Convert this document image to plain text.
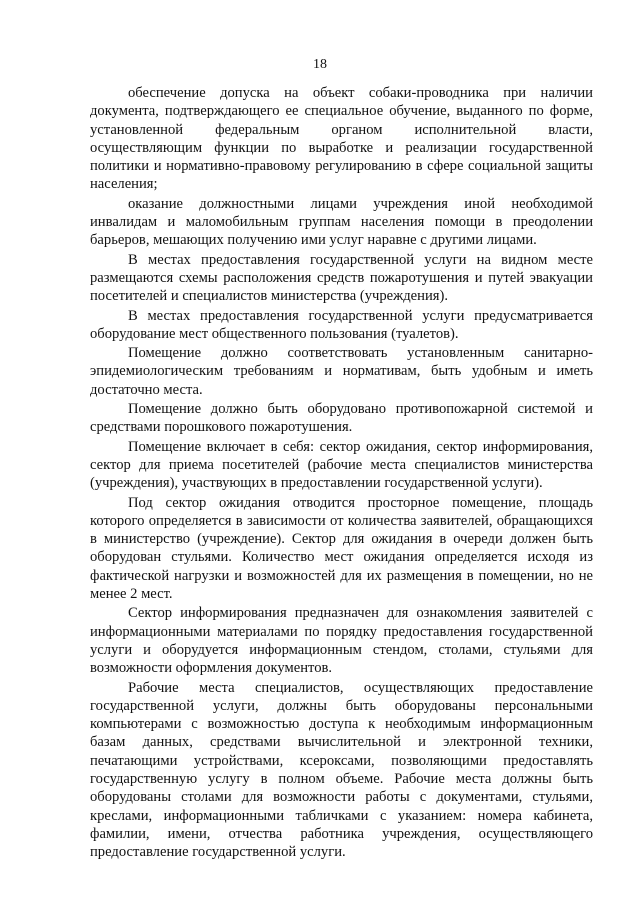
18

обеспечение допуска на объект собаки-проводника при наличии документа, подтверждающего ее специальное обучение, выданного по форме, установленной федеральным органом исполнительной власти, осуществляющим функции по выработке и реализации государственной политики и нормативно-правовому регулированию в сфере социальной защиты населения;

оказание должностными лицами учреждения иной необходимой инвалидам и маломобильным группам населения помощи в преодолении барьеров, мешающих получению ими услуг наравне с другими лицами.

В местах предоставления государственной услуги на видном месте размещаются схемы расположения средств пожаротушения и путей эвакуации посетителей и специалистов министерства (учреждения).

В местах предоставления государственной услуги предусматривается оборудование мест общественного пользования (туалетов).

Помещение должно соответствовать установленным санитарно-эпидемиологическим требованиям и нормативам, быть удобным и иметь достаточно места.

Помещение должно быть оборудовано противопожарной системой и средствами порошкового пожаротушения.

Помещение включает в себя: сектор ожидания, сектор информирования, сектор для приема посетителей (рабочие места специалистов министерства (учреждения), участвующих в предоставлении государственной услуги).

Под сектор ожидания отводится просторное помещение, площадь которого определяется в зависимости от количества заявителей, обращающихся в министерство (учреждение). Сектор для ожидания в очереди должен быть оборудован стульями. Количество мест ожидания определяется исходя из фактической нагрузки и возможностей для их размещения в помещении, но не менее 2 мест.

Сектор информирования предназначен для ознакомления заявителей с информационными материалами по порядку предоставления государственной услуги и оборудуется информационным стендом, столами, стульями для возможности оформления документов.

Рабочие места специалистов, осуществляющих предоставление государственной услуги, должны быть оборудованы персональными компьютерами с возможностью доступа к необходимым информационным базам данных, средствами вычислительной и электронной техники, печатающими устройствами, ксероксами, позволяющими предоставлять государственную услугу в полном объеме. Рабочие места должны быть оборудованы столами для возможности работы с документами, стульями, креслами, информационными табличками с указанием: номера кабинета, фамилии, имени, отчества работника учреждения, осуществляющего предоставление государственной услуги.
